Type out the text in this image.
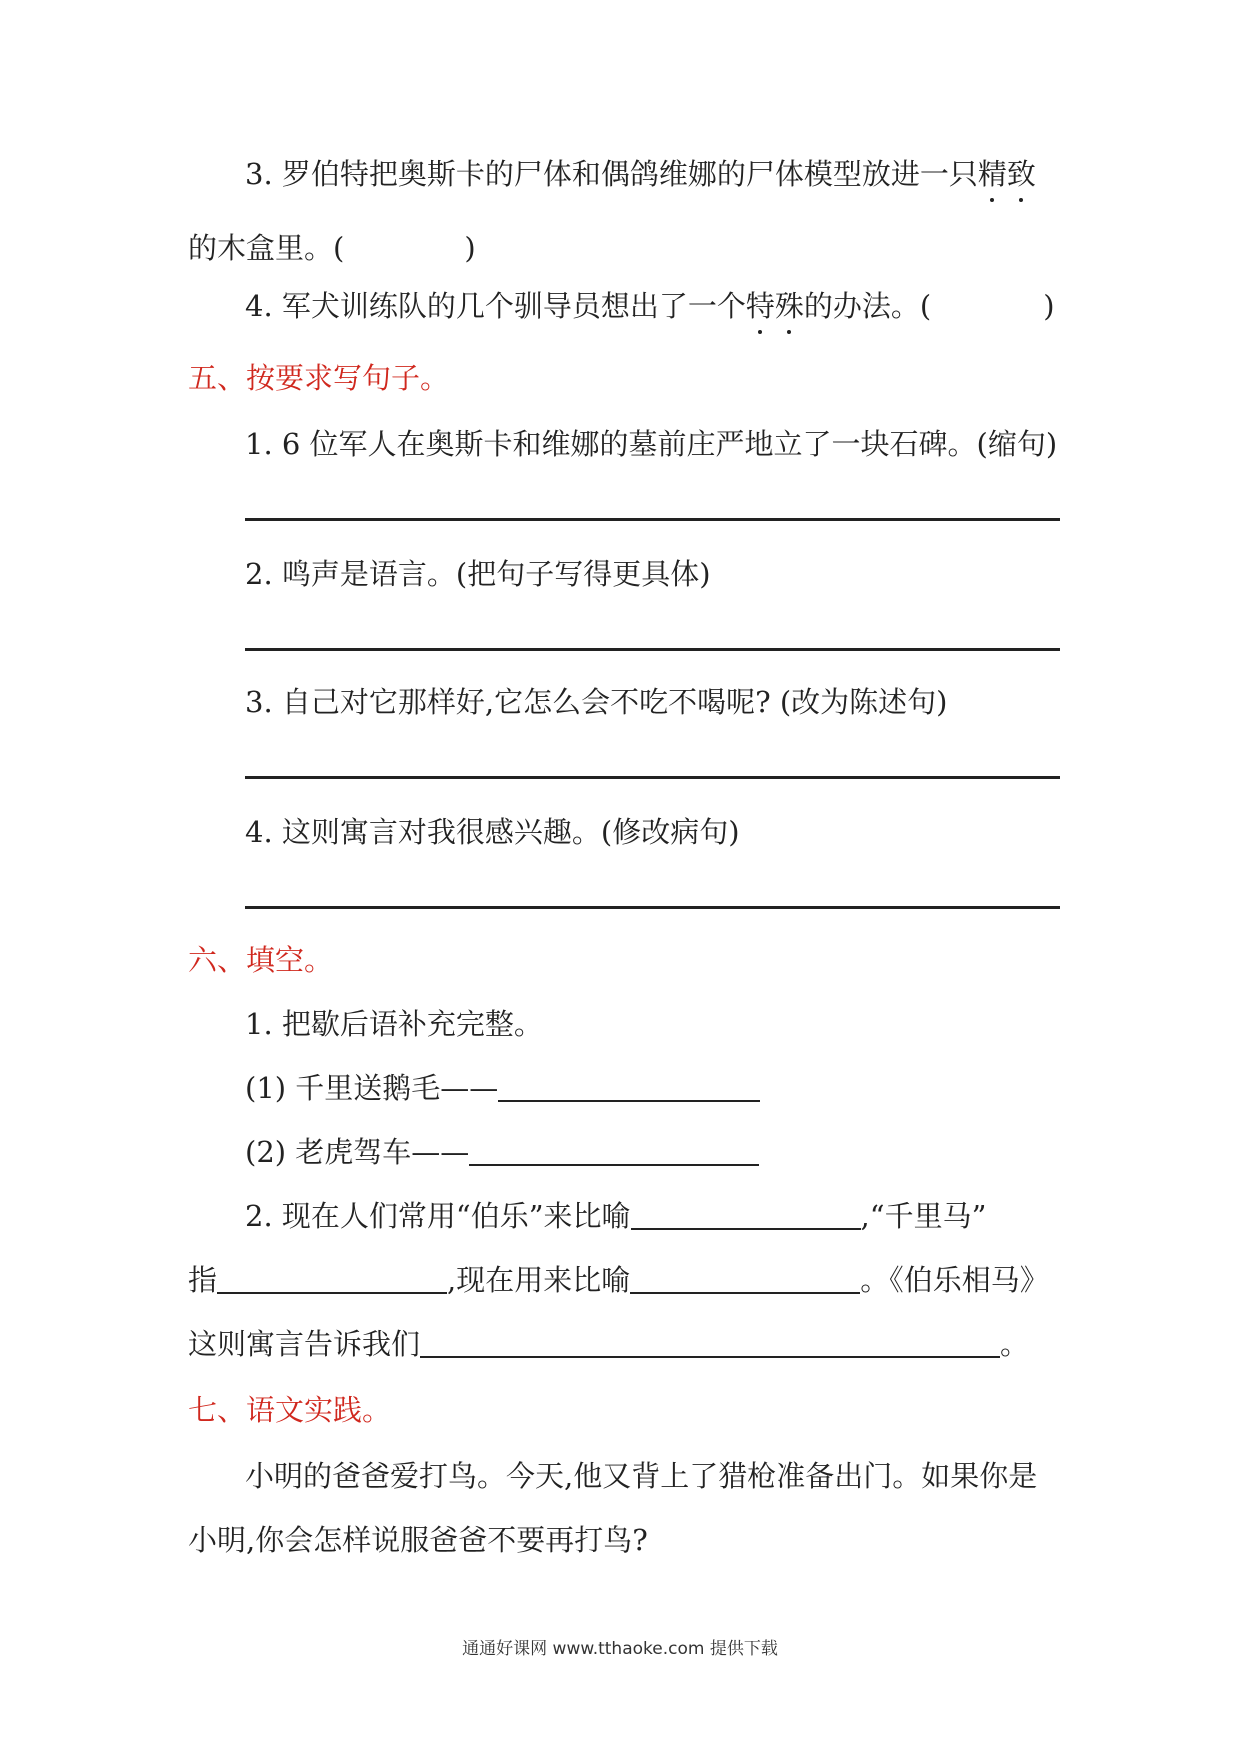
3. 罗伯特把奥斯卡的尸体和偶鸽维娜的尸体模型放进一只精致
的木盒里。(	)
4. 军犬训练队的几个驯导员想出了一个特殊的办法。(	)
五、按要求写句子。
1. 6 位军人在奥斯卡和维娜的墓前庄严地立了一块石碑。(缩句)
2. 鸣声是语言。(把句子写得更具体)
3. 自己对它那样好,它怎么会不吃不喝呢? (改为陈述句)
4. 这则寓言对我很感兴趣。(修改病句)
六、填空。
1. 把歇后语补充完整。
(1) 千里送鹅毛——
(2) 老虎驾车——
2. 现在人们常用“伯乐”来比喻	,“千里马”
指	,现在用来比喻	。《伯乐相马》
这则寓言告诉我们	。
七、语文实践。
小明的爸爸爱打鸟。今天,他又背上了猎枪准备出门。如果你是
小明,你会怎样说服爸爸不要再打鸟?
通通好课网 www.tthaoke.com 提供下载
